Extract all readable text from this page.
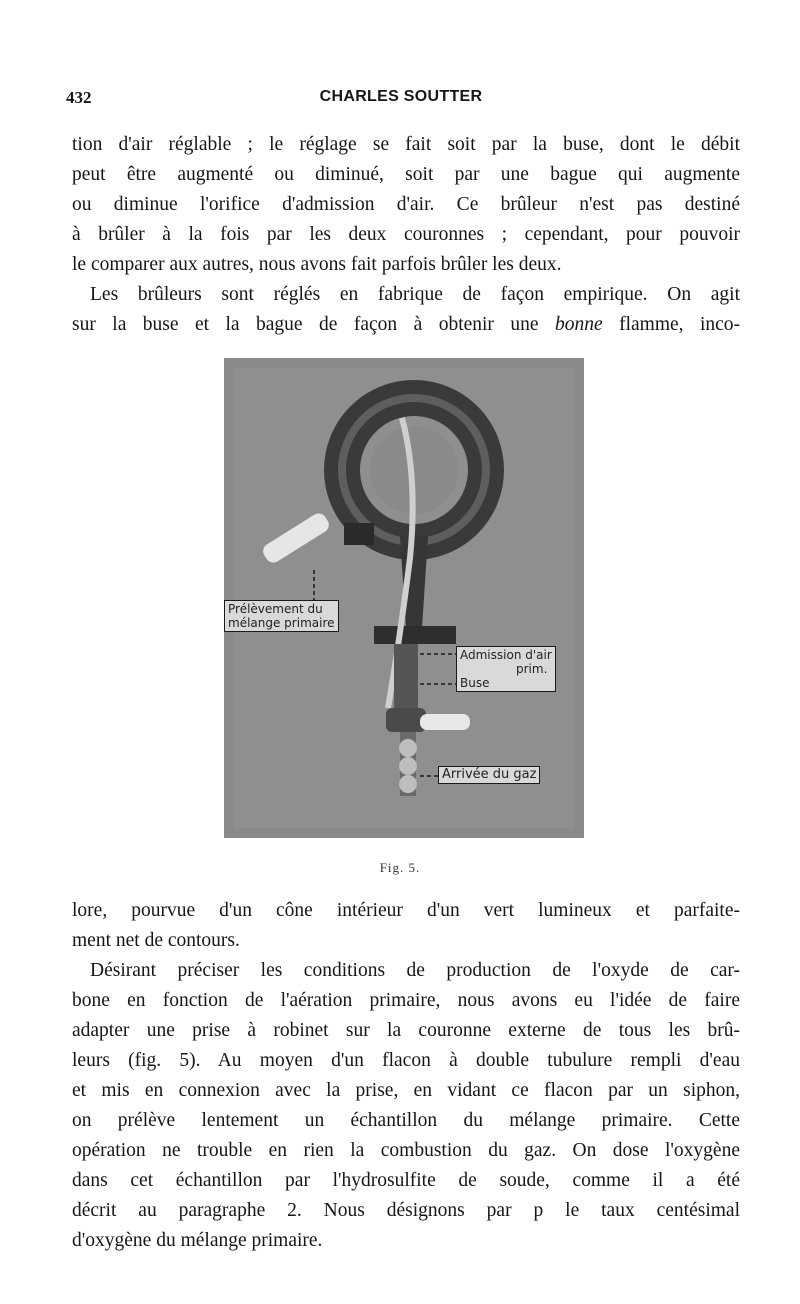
432	CHARLES SOUTTER
tion d'air réglable ; le réglage se fait soit par la buse, dont le débit
peut être augmenté ou diminué, soit par une bague qui augmente
ou diminue l'orifice d'admission d'air. Ce brûleur n'est pas destiné
à brûler à la fois par les deux couronnes ; cependant, pour pouvoir
le comparer aux autres, nous avons fait parfois brûler les deux.
Les brûleurs sont réglés en fabrique de façon empirique. On agit
sur la buse et la bague de façon à obtenir une bonne flamme, inco-
Prélèvement du
mélange primaire
Admission d'air
prim.
Buse
Arrivée du gaz
Fig. 5.
lore, pourvue d'un cône intérieur d'un vert lumineux et parfaite-
ment net de contours.
Désirant préciser les conditions de production de l'oxyde de car-
bone en fonction de l'aération primaire, nous avons eu l'idée de faire
adapter une prise à robinet sur la couronne externe de tous les brû-
leurs (fig. 5). Au moyen d'un flacon à double tubulure rempli d'eau
et mis en connexion avec la prise, en vidant ce flacon par un siphon,
on prélève lentement un échantillon du mélange primaire. Cette
opération ne trouble en rien la combustion du gaz. On dose l'oxygène
dans cet échantillon par l'hydrosulfite de soude, comme il a été
décrit au paragraphe 2. Nous désignons par p le taux centésimal
d'oxygène du mélange primaire.
